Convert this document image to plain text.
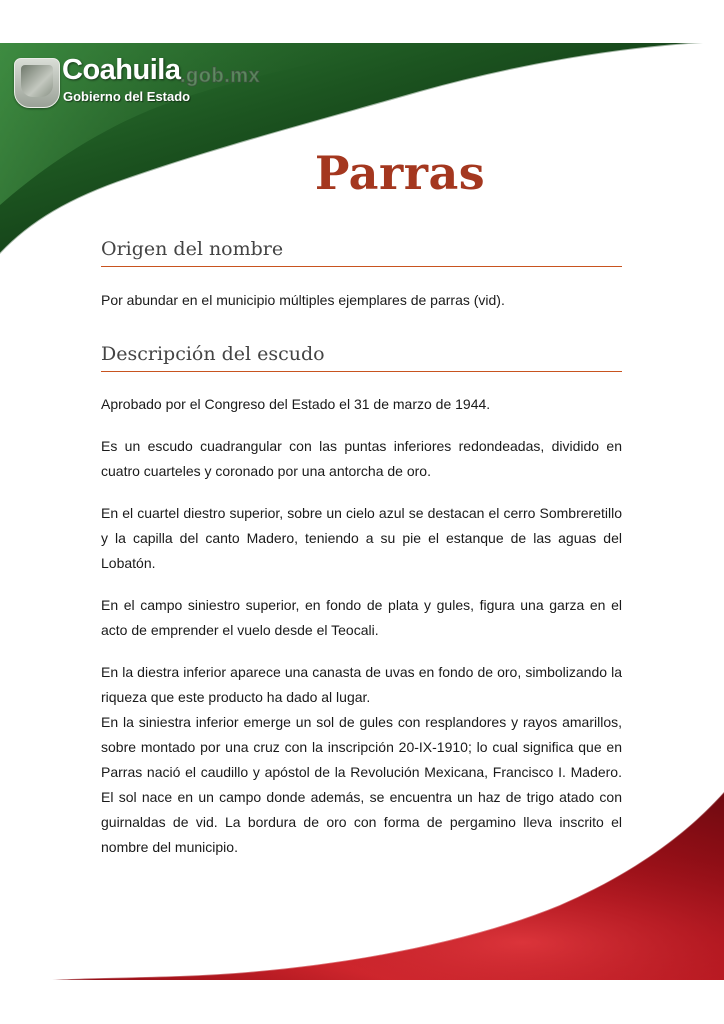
Coahuila .gob.mx
Gobierno del Estado
Parras
Origen del nombre

Por abundar en el municipio múltiples ejemplares de parras (vid).

Descripción del escudo

Aprobado por el Congreso del Estado el 31 de marzo de 1944.

Es un escudo cuadrangular con las puntas inferiores redondeadas, dividido en cuatro cuarteles y coronado por una antorcha de oro.

En el cuartel diestro superior, sobre un cielo azul se destacan el cerro Sombreretillo y la capilla del canto Madero, teniendo a su pie el estanque de las aguas del Lobatón.

En el campo siniestro superior, en fondo de plata y gules, figura una garza en el acto de emprender el vuelo desde el Teocali.

En la diestra inferior aparece una canasta de uvas en fondo de oro, simbolizando la riqueza que este producto ha dado al lugar.

En la siniestra inferior emerge un sol de gules con resplandores y rayos amarillos, sobre montado por una cruz con la inscripción 20-IX-1910; lo cual significa que en Parras nació el caudillo y apóstol de la Revolución Mexicana, Francisco I. Madero. El sol nace en un campo donde además, se encuentra un haz de trigo atado con guirnaldas de vid. La bordura de oro con forma de pergamino lleva inscrito el nombre del municipio.
